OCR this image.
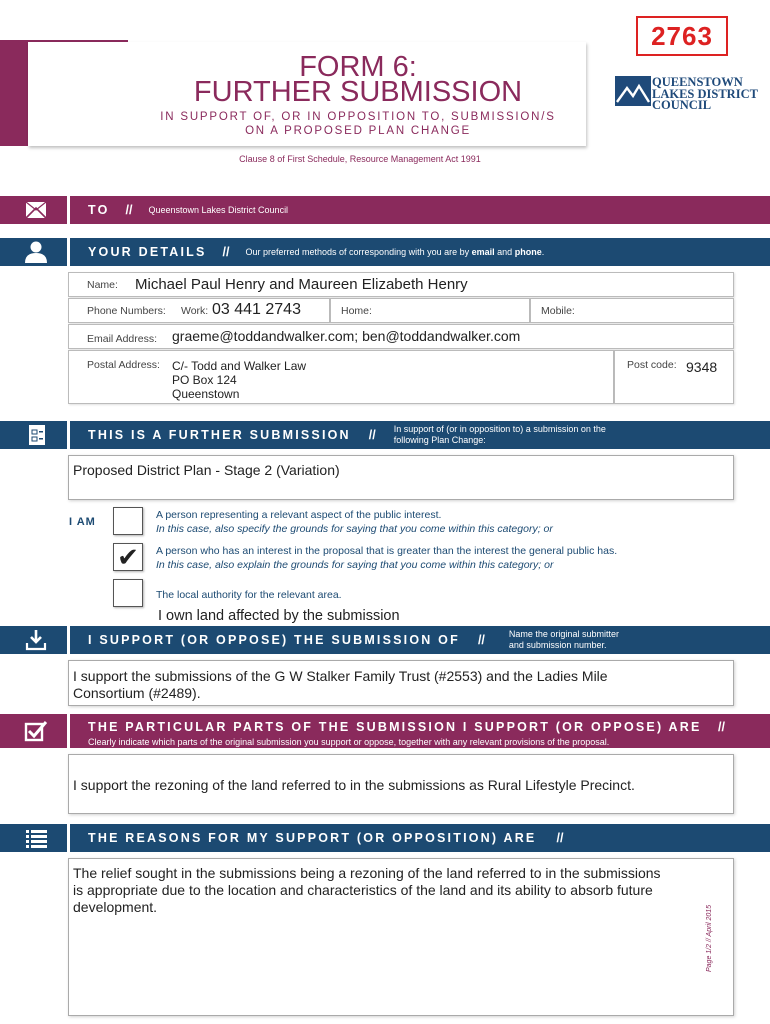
FORM 6:
FURTHER SUBMISSION
IN SUPPORT OF, OR IN OPPOSITION TO, SUBMISSION/S
ON A PROPOSED PLAN CHANGE
Clause 8 of First Schedule, Resource Management Act 1991
2763
QUEENSTOWN
LAKES DISTRICT
COUNCIL
TO // Queenstown Lakes District Council
YOUR DETAILS // Our preferred methods of corresponding with you are by email and phone.
Name: Michael Paul Henry and Maureen Elizabeth Henry
Phone Numbers: Work: 03 441 2743	Home:	Mobile:
Email Address: graeme@toddandwalker.com; ben@toddandwalker.com
Postal Address: C/- Todd and Walker Law
PO Box 124
Queenstown
Post code: 9348
THIS IS A FURTHER SUBMISSION // In support of (or in opposition to) a submission on the
following Plan Change:
Proposed District Plan - Stage 2 (Variation)
I AM
A person representing a relevant aspect of the public interest.
In this case, also specify the grounds for saying that you come within this category; or
✔	A person who has an interest in the proposal that is greater than the interest the general public has.
In this case, also explain the grounds for saying that you come within this category; or
The local authority for the relevant area.
I own land affected by the submission
I SUPPORT (OR OPPOSE) THE SUBMISSION OF //	Name the original submitter
and submission number.
I support the submissions of the G W Stalker Family Trust (#2553) and the Ladies Mile
Consortium (#2489).
THE PARTICULAR PARTS OF THE SUBMISSION I SUPPORT (OR OPPOSE) ARE //
Clearly indicate which parts of the original submission you support or oppose, together with any relevant provisions of the proposal.
I support the rezoning of the land referred to in the submissions as Rural Lifestyle Precinct.
THE REASONS FOR MY SUPPORT (OR OPPOSITION) ARE //
The relief sought in the submissions being a rezoning of the land referred to in the submissions
is appropriate due to the location and characteristics of the land and its ability to absorb future
development.	Page 1/2 // April 2015
